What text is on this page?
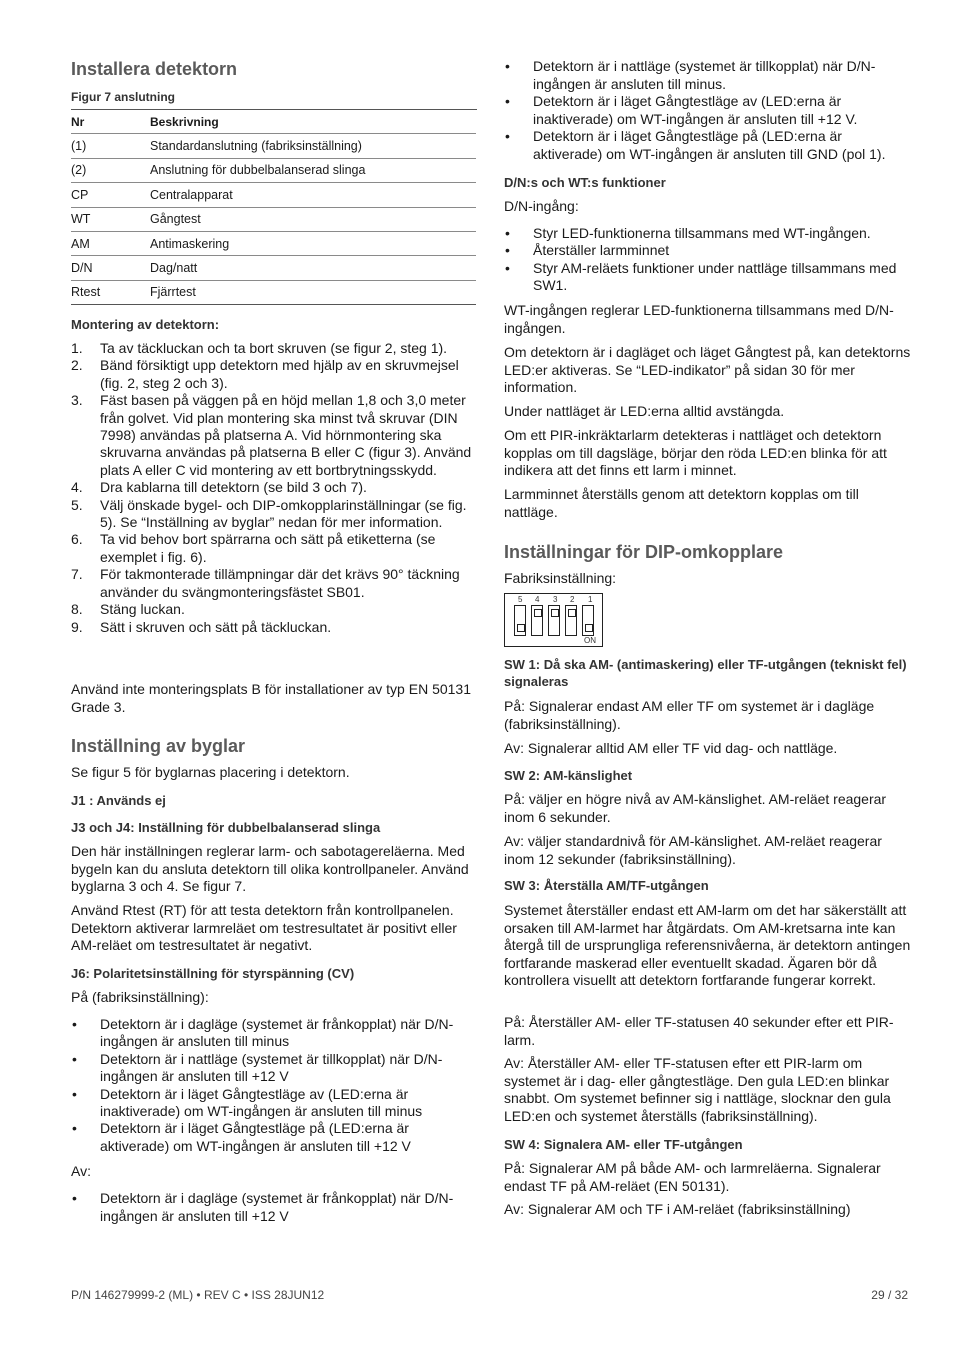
Installera detektorn
Figur 7 anslutning
Nr	Beskrivning
(1)	Standardanslutning (fabriksinställning)
(2)	Anslutning för dubbelbalanserad slinga
CP	Centralapparat
WT	Gångtest
AM	Antimaskering
D/N	Dag/natt
Rtest	Fjärrtest
Montering av detektorn:
1. Ta av täckluckan och ta bort skruven (se figur 2, steg 1).
2. Bänd försiktigt upp detektorn med hjälp av en skruvmejsel (fig. 2, steg 2 och 3).
3. Fäst basen på väggen på en höjd mellan 1,8 och 3,0 meter från golvet. Vid plan montering ska minst två skruvar (DIN 7998) användas på platserna A. Vid hörnmontering ska skruvarna användas på platserna B eller C (figur 3). Använd plats A eller C vid montering av ett bortbrytningsskydd.
4. Dra kablarna till detektorn (se bild 3 och 7).
5. Välj önskade bygel- och DIP-omkopplarinställningar (se fig. 5). Se “Inställning av byglar” nedan för mer information.
6. Ta vid behov bort spärrarna och sätt på etiketterna (se exemplet i fig. 6).
7. För takmonterade tillämpningar där det krävs 90° täckning använder du svängmonteringsfästet SB01.
8. Stäng luckan.
9. Sätt i skruven och sätt på täckluckan.

Använd inte monteringsplats B för installationer av typ EN 50131 Grade 3.

Inställning av byglar

Se figur 5 för byglarnas placering i detektorn.

J1 : Används ej
J3 och J4: Inställning för dubbelbalanserad slinga

Den här inställningen reglerar larm- och sabotagereläerna. Med bygeln kan du ansluta detektorn till olika kontrollpaneler. Använd byglarna 3 och 4. Se figur 7.

Använd Rtest (RT) för att testa detektorn från kontrollpanelen. Detektorn aktiverar larmreläet om testresultatet är positivt eller AM-reläet om testresultatet är negativt.

J6: Polaritetsinställning för styrspänning (CV)

På (fabriksinställning):

• Detektorn är i dagläge (systemet är frånkopplat) när D/N-ingången är ansluten till minus
• Detektorn är i nattläge (systemet är tillkopplat) när D/N-ingången är ansluten till +12 V
• Detektorn är i läget Gångtestläge av (LED:erna är inaktiverade) om WT-ingången är ansluten till minus
• Detektorn är i läget Gångtestläge på (LED:erna är aktiverade) om WT-ingången är ansluten till +12 V

Av:

• Detektorn är i dagläge (systemet är frånkopplat) när D/N-ingången är ansluten till +12 V
• Detektorn är i nattläge (systemet är tillkopplat) när D/N-ingången är ansluten till minus.
• Detektorn är i läget Gångtestläge av (LED:erna är inaktiverade) om WT-ingången är ansluten till +12 V.
• Detektorn är i läget Gångtestläge på (LED:erna är aktiverade) om WT-ingången är ansluten till GND (pol 1).
D/N:s och WT:s funktioner

D/N-ingång:

• Styr LED-funktionerna tillsammans med WT-ingången.
• Återställer larmminnet
• Styr AM-reläets funktioner under nattläge tillsammans med SW1.

WT-ingången reglerar LED-funktionerna tillsammans med D/N-ingången.

Om detektorn är i dagläget och läget Gångtest på, kan detektorns LED:er aktiveras. Se “LED-indikator” på sidan 30 för mer information.

Under nattläget är LED:erna alltid avstängda.

Om ett PIR-inkräktarlarm detekteras i nattläget och detektorn kopplas om till dagsläge, börjar den röda LED:en blinka för att indikera att det finns ett larm i minnet.

Larmminnet återställs genom att detektorn kopplas om till nattläge.

Inställningar för DIP-omkopplare

Fabriksinställning:

5 4 3 2 1
ON
SW 1: Då ska AM- (antimaskering) eller TF-utgången (tekniskt fel) signaleras

På: Signalerar endast AM eller TF om systemet är i dagläge (fabriksinställning).

Av: Signalerar alltid AM eller TF vid dag- och nattläge.

SW 2: AM-känslighet

På: väljer en högre nivå av AM-känslighet. AM-reläet reagerar inom 6 sekunder.

Av: väljer standardnivå för AM-känslighet. AM-reläet reagerar inom 12 sekunder (fabriksinställning).

SW 3: Återställa AM/TF-utgången

Systemet återställer endast ett AM-larm om det har säkerställt att orsaken till AM-larmet har åtgärdats. Om AM-kretsarna inte kan återgå till de ursprungliga referensnivåerna, är detektorn antingen fortfarande maskerad eller eventuellt skadad. Ägaren bör då kontrollera visuellt att detektorn fortfarande fungerar korrekt.

På: Återställer AM- eller TF-statusen 40 sekunder efter ett PIR-larm.

Av: Återställer AM- eller TF-statusen efter ett PIR-larm om systemet är i dag- eller gångtestläge. Den gula LED:en blinkar snabbt. Om systemet befinner sig i nattläge, slocknar den gula LED:en och systemet återställs (fabriksinställning).

SW 4: Signalera AM- eller TF-utgången

På: Signalerar AM på både AM- och larmreläerna. Signalerar endast TF på AM-reläet (EN 50131).

Av: Signalerar AM och TF i AM-reläet (fabriksinställning)

P/N 146279999-2 (ML) • REV C • ISS 28JUN12	29 / 32
